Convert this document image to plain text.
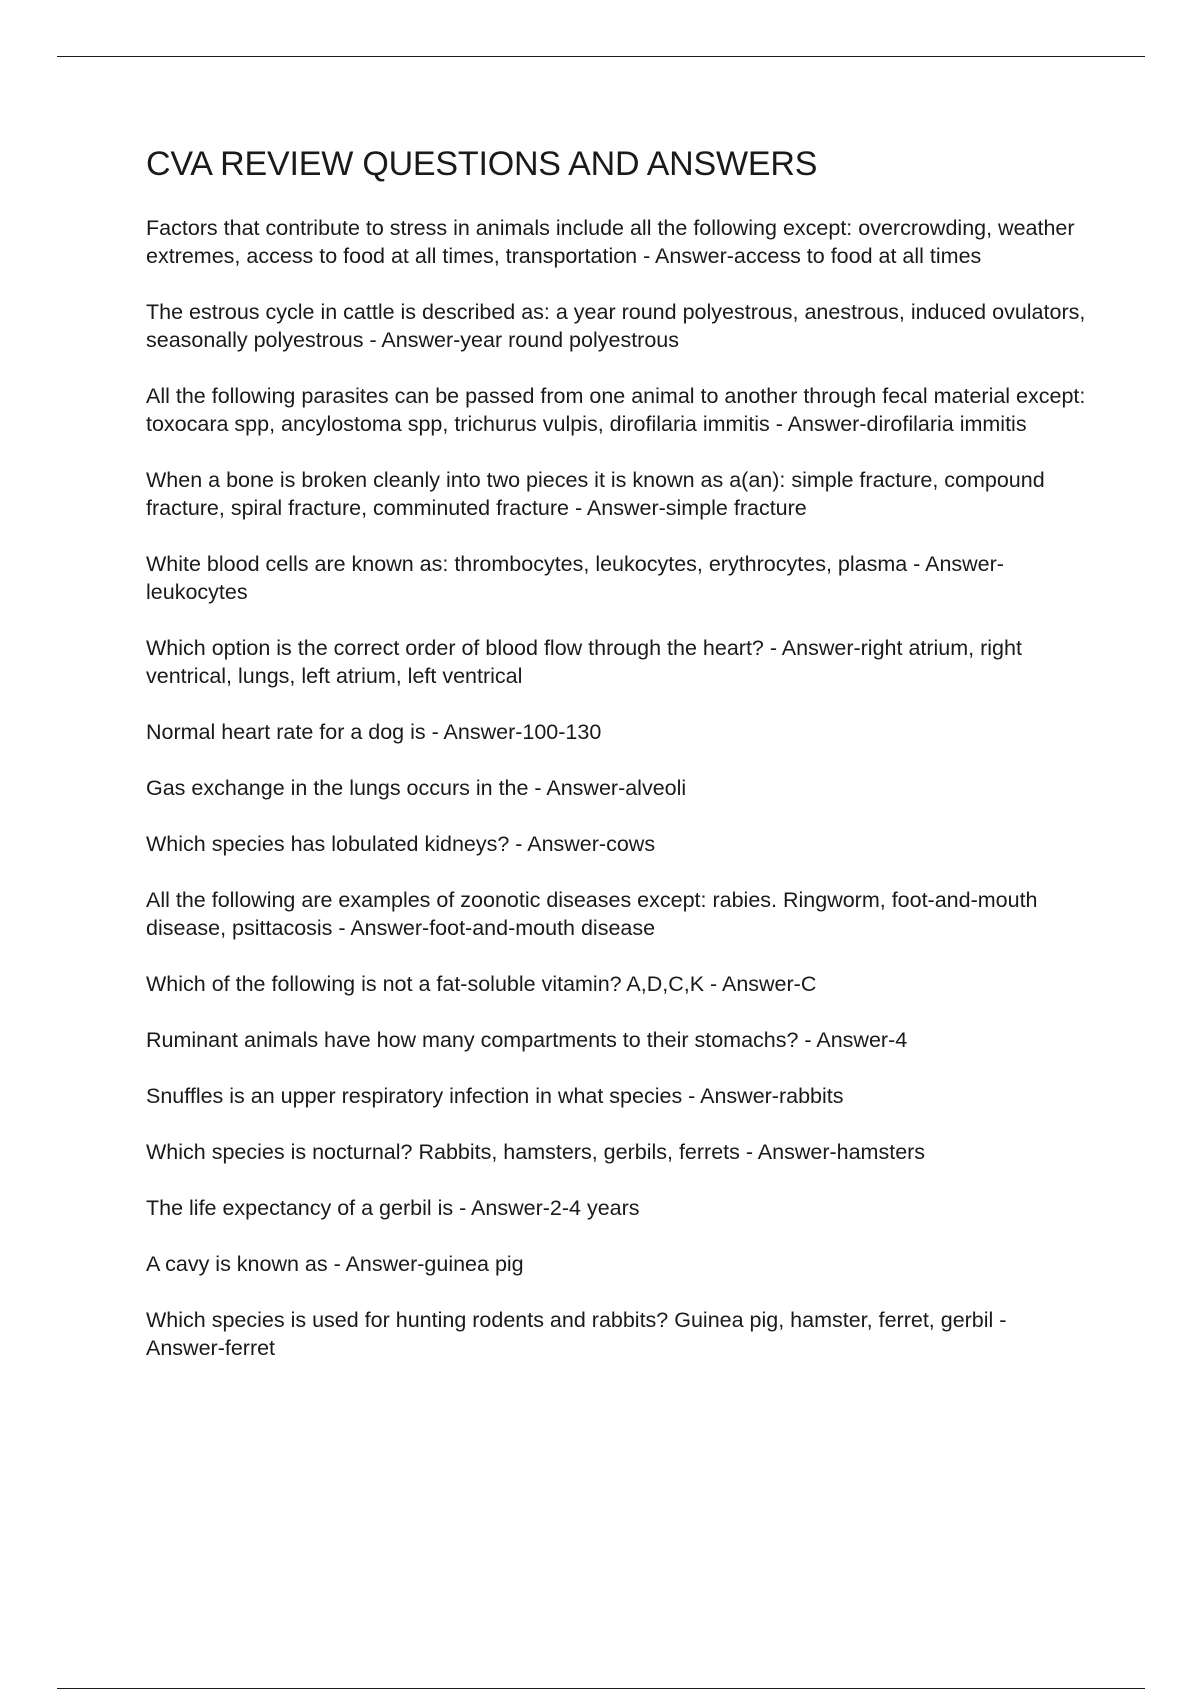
CVA REVIEW QUESTIONS AND ANSWERS
Factors that contribute to stress in animals include all the following except: overcrowding, weather extremes, access to food at all times, transportation - Answer-access to food at all times
The estrous cycle in cattle is described as: a year round polyestrous, anestrous, induced ovulators, seasonally polyestrous - Answer-year round polyestrous
All the following parasites can be passed from one animal to another through fecal material except: toxocara spp, ancylostoma spp, trichurus vulpis, dirofilaria immitis - Answer-dirofilaria immitis
When a bone is broken cleanly into two pieces it is known as a(an): simple fracture, compound fracture, spiral fracture, comminuted fracture - Answer-simple fracture
White blood cells are known as: thrombocytes, leukocytes, erythrocytes, plasma - Answer-leukocytes
Which option is the correct order of blood flow through the heart? - Answer-right atrium, right ventrical, lungs, left atrium, left ventrical
Normal heart rate for a dog is - Answer-100-130
Gas exchange in the lungs occurs in the - Answer-alveoli
Which species has lobulated kidneys? - Answer-cows
All the following are examples of zoonotic diseases except: rabies. Ringworm, foot-and-mouth disease, psittacosis - Answer-foot-and-mouth disease
Which of the following is not a fat-soluble vitamin? A,D,C,K - Answer-C
Ruminant animals have how many compartments to their stomachs? - Answer-4
Snuffles is an upper respiratory infection in what species - Answer-rabbits
Which species is nocturnal? Rabbits, hamsters, gerbils, ferrets - Answer-hamsters
The life expectancy of a gerbil is - Answer-2-4 years
A cavy is known as - Answer-guinea pig
Which species is used for hunting rodents and rabbits? Guinea pig, hamster, ferret, gerbil - Answer-ferret
